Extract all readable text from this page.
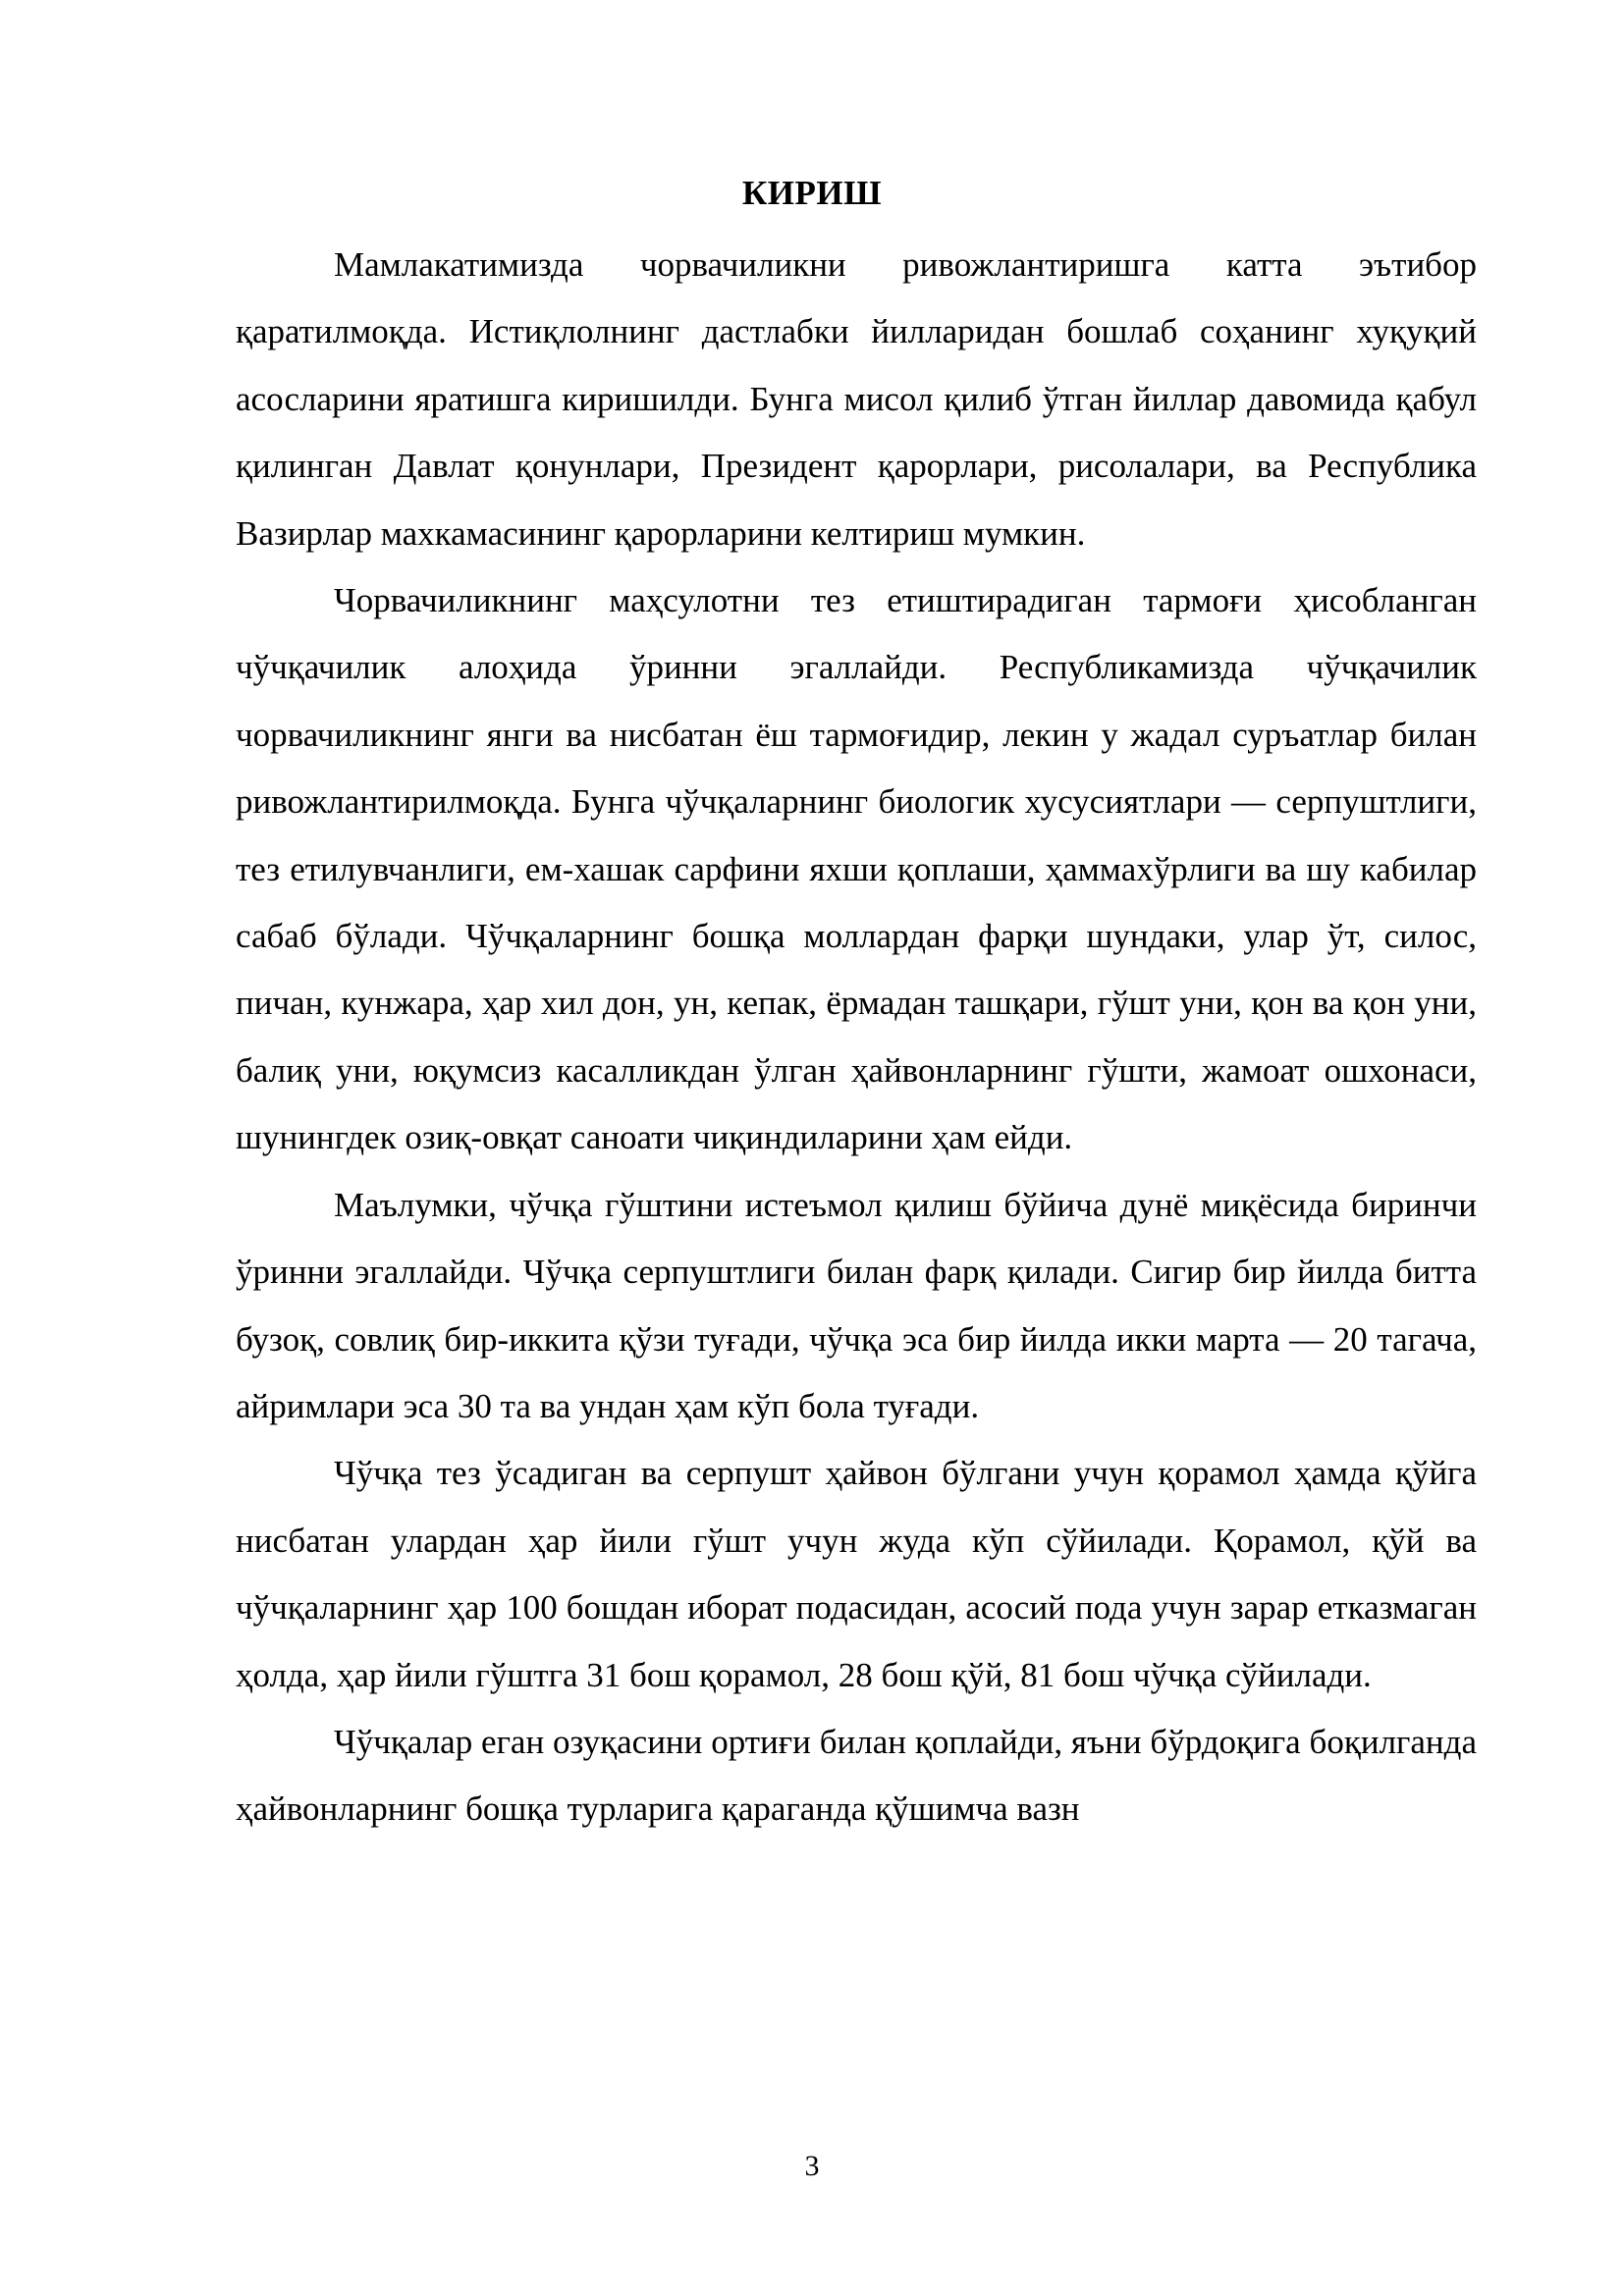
КИРИШ

Мамлакатимизда чорвачиликни ривожлантиришга катта эътибор қаратилмоқда. Истиқлолнинг дастлабки йилларидан бошлаб соҳанинг хуқуқий асосларини яратишга киришилди. Бунга мисол қилиб ўтган йиллар давомида қабул қилинган Давлат қонунлари, Президент қарорлари, рисолалари, ва Республика Вазирлар махкамасининг қарорларини келтириш мумкин.

Чорвачиликнинг маҳсулотни тез етиштирадиган тармоғи ҳисобланган чўчқачилик алоҳида ўринни эгаллайди. Республикамизда чўчқачилик чорвачиликнинг янги ва нисбатан ёш тармоғидир, лекин у жадал суръатлар билан ривожлантирилмоқда. Бунга чўчқаларнинг биологик хусусиятлари — серпуштлиги, тез етилувчанлиги, ем-хашак сарфини яхши қоплаши, ҳаммахўрлиги ва шу кабилар сабаб бўлади. Чўчқаларнинг бошқа моллардан фарқи шундаки, улар ўт, силос, пичан, кунжара, ҳар хил дон, ун, кепак, ёрмадан ташқари, гўшт уни, қон ва қон уни, балиқ уни, юқумсиз касалликдан ўлган ҳайвонларнинг гўшти, жамоат ошхонаси, шунингдек озиқ-овқат саноати чиқиндиларини ҳам ейди.

Маълумки, чўчқа гўштини истеъмол қилиш бўйича дунё миқёсида биринчи ўринни эгаллайди. Чўчқа серпуштлиги билан фарқ қилади. Сигир бир йилда битта бузоқ, совлиқ бир-иккита қўзи туғади, чўчқа эса бир йилда икки марта — 20 тагача, айримлари эса 30 та ва ундан ҳам кўп бола туғади.

Чўчқа тез ўсадиган ва серпушт ҳайвон бўлгани учун қорамол ҳамда қўйга нисбатан улардан ҳар йили гўшт учун жуда кўп сўйилади. Қорамол, қўй ва чўчқаларнинг ҳар 100 бошдан иборат подасидан, асосий пода учун зарар етказмаган ҳолда, ҳар йили гўштга 31 бош қорамол, 28 бош қўй, 81 бош чўчқа сўйилади.

Чўчқалар еган озуқасини ортиғи билан қоплайди, яъни бўрдоқига боқилганда ҳайвонларнинг бошқа турларига қараганда қўшимча вазн

3
